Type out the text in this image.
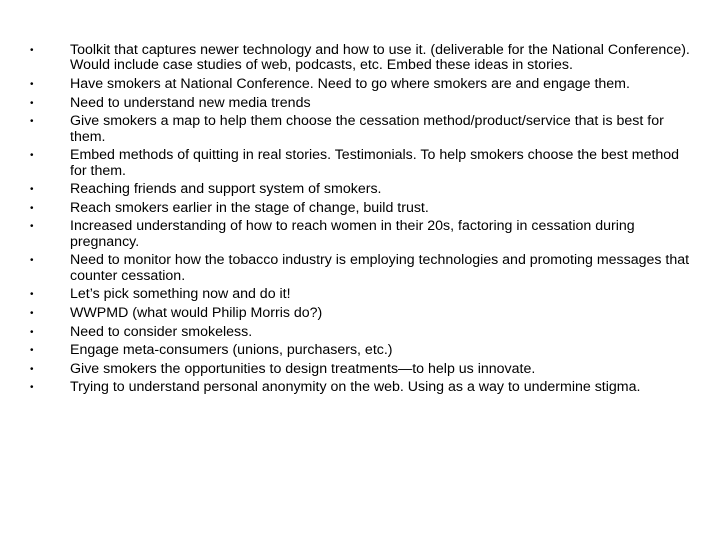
•	Toolkit that captures newer technology and how to use it. (deliverable for the National Conference). Would include case studies of web, podcasts, etc. Embed these ideas in stories.
•	Have smokers at National Conference. Need to go where smokers are and engage them.
•	Need to understand new media trends
•	Give smokers a map to help them choose the cessation method/product/service that is best for them.
•	Embed methods of quitting in real stories. Testimonials. To help smokers choose the best method for them.
•	Reaching friends and support system of smokers.
•	Reach smokers earlier in the stage of change, build trust.
•	Increased understanding of how to reach women in their 20s, factoring in cessation during pregnancy.
•	Need to monitor how the tobacco industry is employing technologies and promoting messages that counter cessation.
•	Let’s pick something now and do it!
•	WWPMD (what would Philip Morris do?)
•	Need to consider smokeless.
•	Engage meta-consumers (unions, purchasers, etc.)
•	Give smokers the opportunities to design treatments—to help us innovate.
•	Trying to understand personal anonymity on the web. Using as a way to undermine stigma.
